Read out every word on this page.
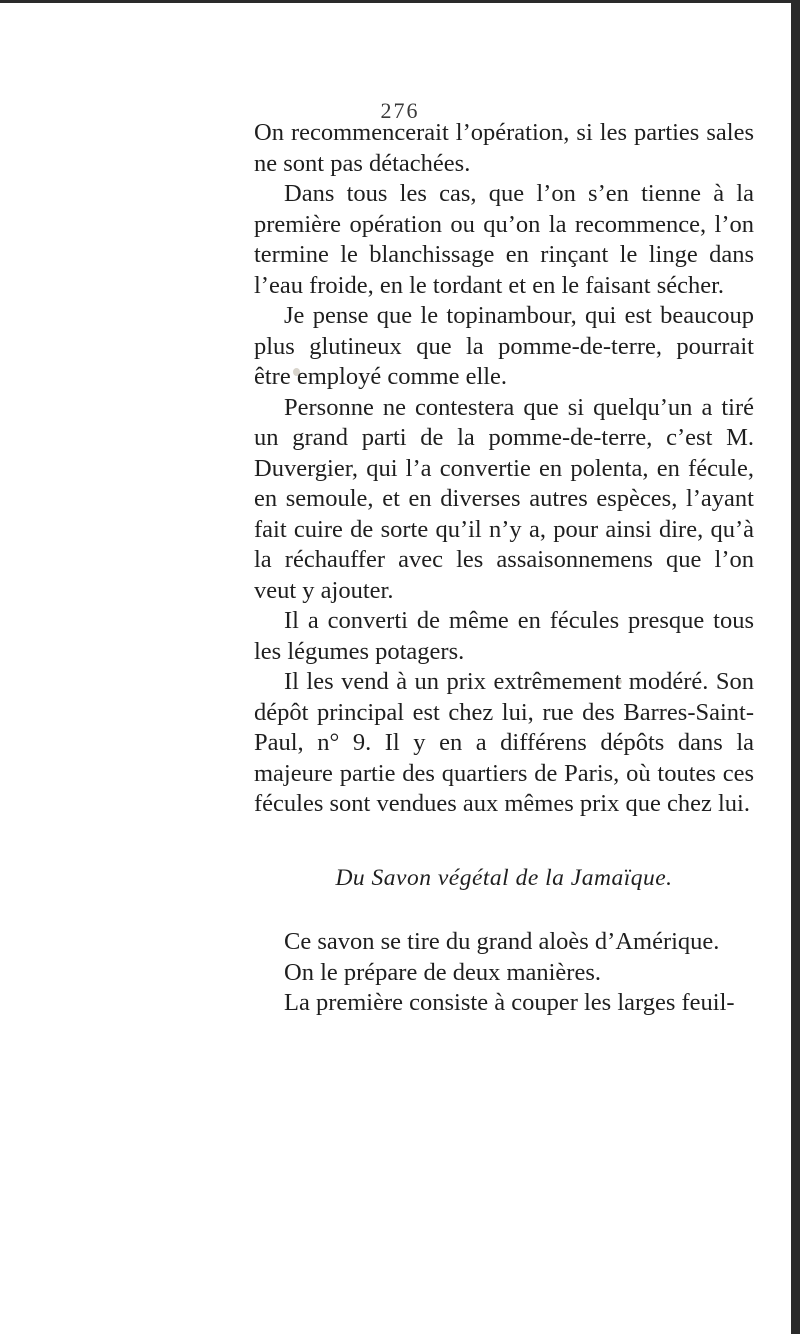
276

On recommencerait l’opération, si les parties sales ne sont pas détachées.

Dans tous les cas, que l’on s’en tienne à la première opération ou qu’on la recommence, l’on termine le blanchissage en rinçant le linge dans l’eau froide, en le tordant et en le faisant sécher.

Je pense que le topinambour, qui est beaucoup plus glutineux que la pomme-de-terre, pourrait être employé comme elle.

Personne ne contestera que si quelqu’un a tiré un grand parti de la pomme-de-terre, c’est M. Duvergier, qui l’a convertie en polenta, en fécule, en semoule, et en diverses autres espèces, l’ayant fait cuire de sorte qu’il n’y a, pour ainsi dire, qu’à la réchauffer avec les assaisonnemens que l’on veut y ajouter.

Il a converti de même en fécules presque tous les légumes potagers.

Il les vend à un prix extrêmement modéré. Son dépôt principal est chez lui, rue des Barres-Saint-Paul, n° 9. Il y en a différens dépôts dans la majeure partie des quartiers de Paris, où toutes ces fécules sont vendues aux mêmes prix que chez lui.

Du Savon végétal de la Jamaïque.

Ce savon se tire du grand aloès d’Amérique.

On le prépare de deux manières.

La première consiste à couper les larges feuil-
